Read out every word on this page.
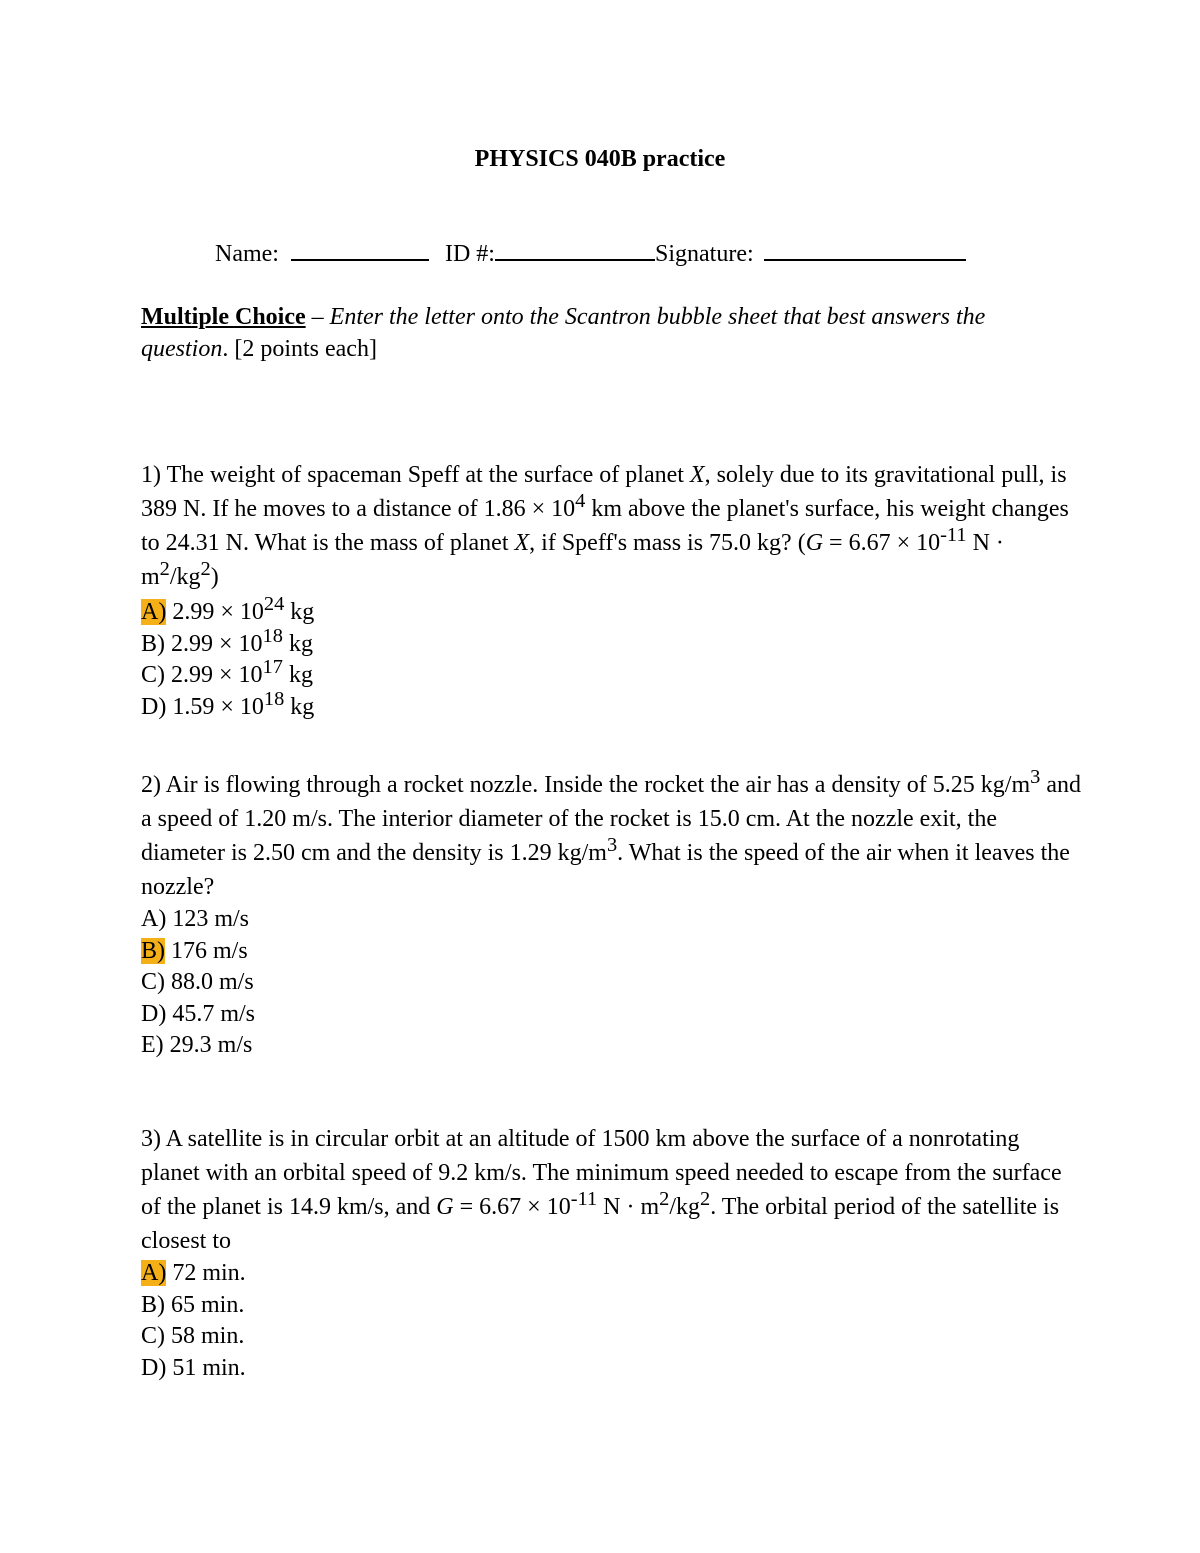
PHYSICS 040B practice
Name:	ID #:	Signature:
Multiple Choice – Enter the letter onto the Scantron bubble sheet that best answers the question. [2 points each]
1) The weight of spaceman Speff at the surface of planet X, solely due to its gravitational pull, is 389 N. If he moves to a distance of $1.86 \times 10^4$ km above the planet's surface, his weight changes to 24.31 N. What is the mass of planet X, if Speff's mass is 75.0 kg? ($G = 6.67 \times 10^{-11}$ $N \cdot m^2/kg^2$)
A) $2.99 \times 10^{24}$ kg
B) $2.99 \times 10^{18}$ kg
C) $2.99 \times 10^{17}$ kg
D) $1.59 \times 10^{18}$ kg
2) Air is flowing through a rocket nozzle. Inside the rocket the air has a density of 5.25 $kg/m^3$ and a speed of 1.20 m/s. The interior diameter of the rocket is 15.0 cm. At the nozzle exit, the diameter is 2.50 cm and the density is 1.29 $kg/m^3$. What is the speed of the air when it leaves the nozzle?
A) 123 m/s
B) 176 m/s
C) 88.0 m/s
D) 45.7 m/s
E) 29.3 m/s
3) A satellite is in circular orbit at an altitude of 1500 km above the surface of a nonrotating planet with an orbital speed of 9.2 km/s. The minimum speed needed to escape from the surface of the planet is 14.9 km/s, and $G = 6.67 \times 10^{-11}$ $N \cdot m^2/kg^2$. The orbital period of the satellite is closest to
A) 72 min.
B) 65 min.
C) 58 min.
D) 51 min.
